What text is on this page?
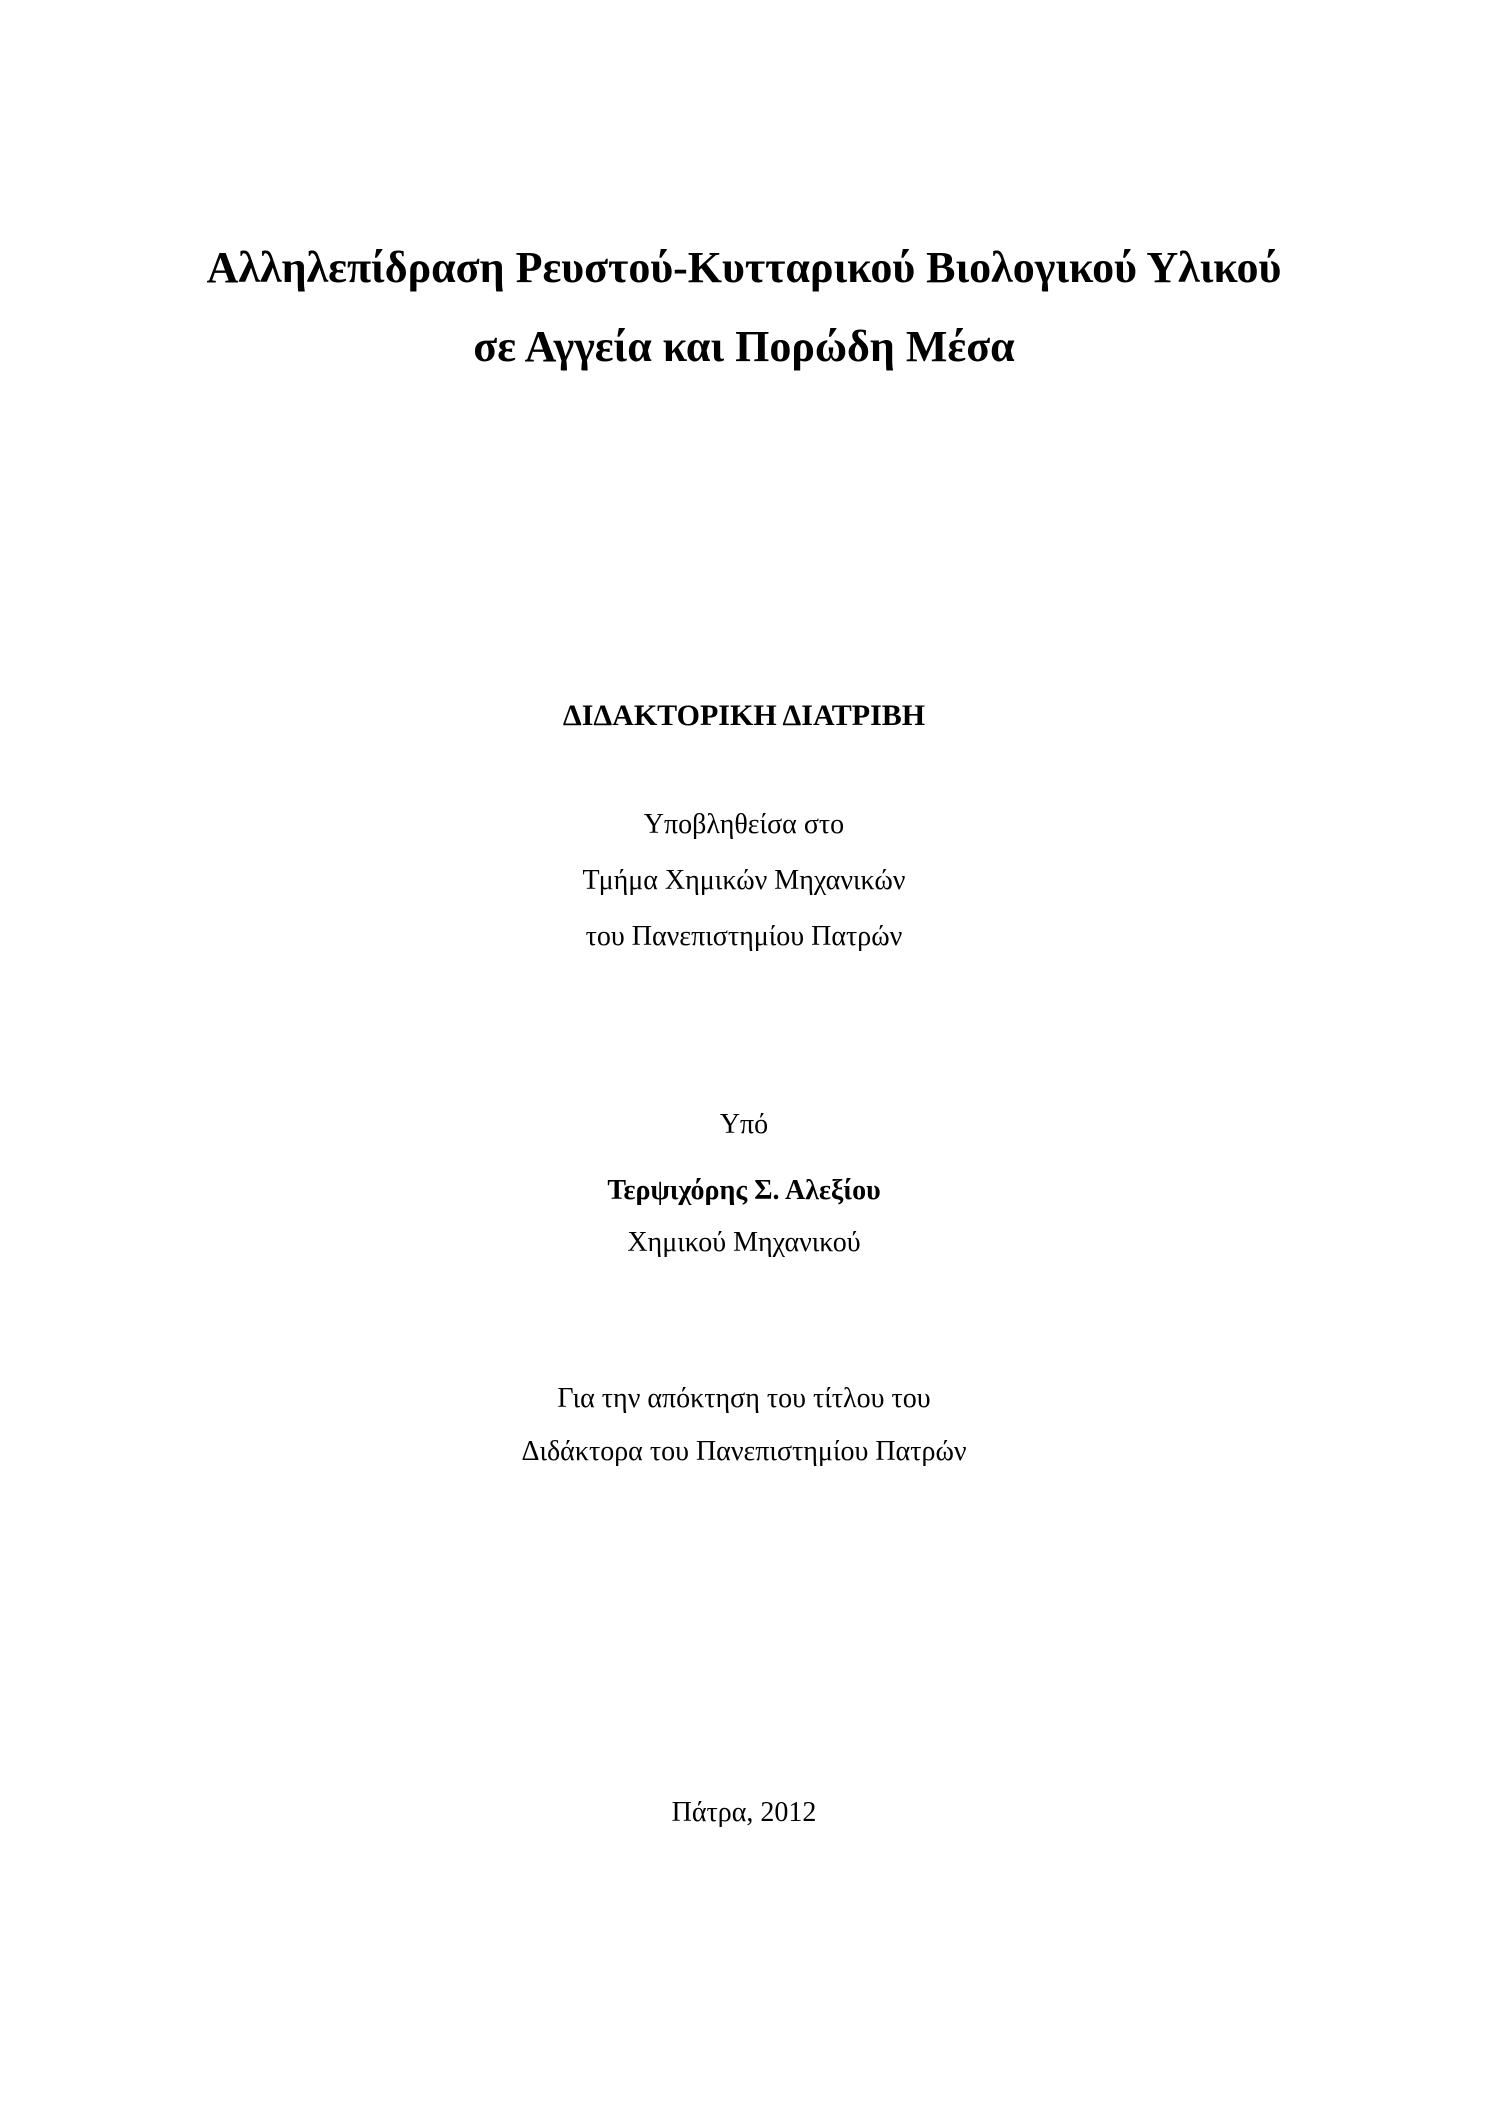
Αλληλεπίδραση Ρευστού-Κυτταρικού Βιολογικού Υλικού
σε Αγγεία και Πορώδη Μέσα
ΔΙΔΑΚΤΟΡΙΚΗ ΔΙΑΤΡΙΒΗ

Υποβληθείσα στο

Τμήμα Χημικών Μηχανικών

του Πανεπιστημίου Πατρών

Υπό

Τερψιχόρης Σ. Αλεξίου

Χημικού Μηχανικού

Για την απόκτηση του τίτλου του

Διδάκτορα του Πανεπιστημίου Πατρών

Πάτρα, 2012
